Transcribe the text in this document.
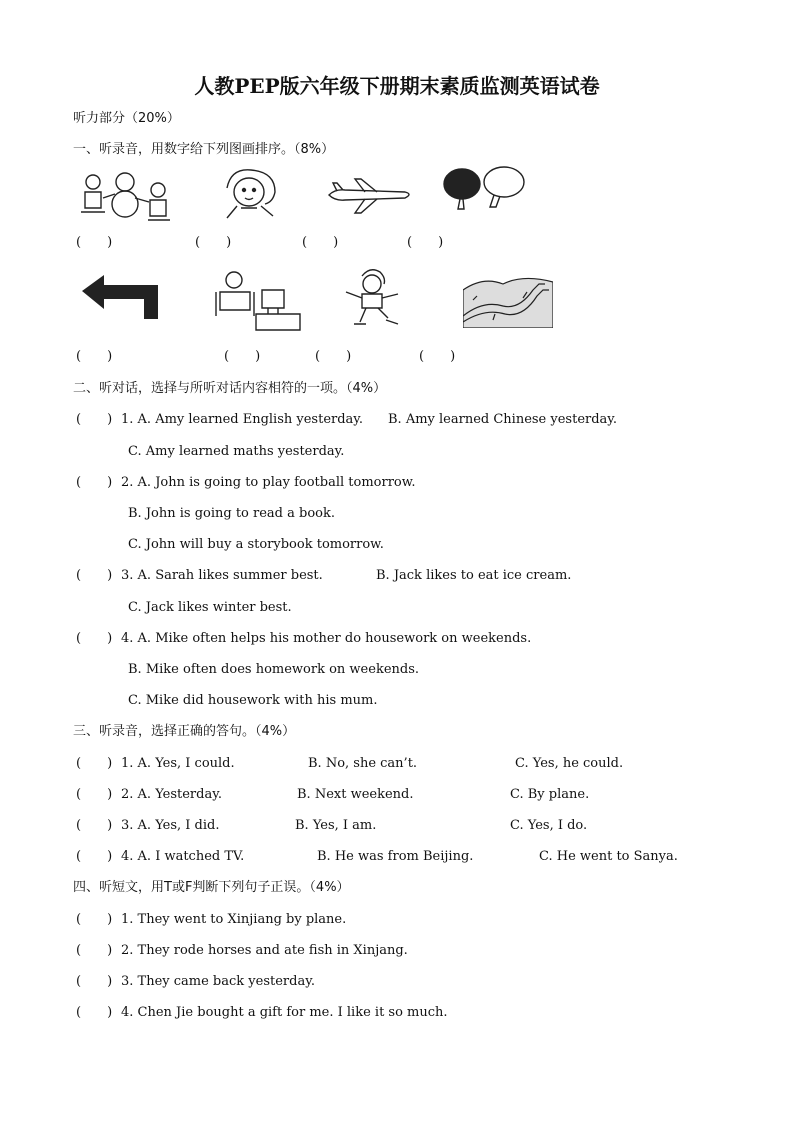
人教PEP版六年级下册期末素质监测英语试卷
听力部分（20%）
一、听录音，用数字给下列图画排序。（8%）
(　　)	(　　)	(　　)	(　　)
(　　)	(　　)	(　　)	(　　)
二、听对话，选择与所听对话内容相符的一项。（4%）
(　　) 1. A. Amy learned English yesterday. B. Amy learned Chinese yesterday.
C. Amy learned maths yesterday.
(　　) 2. A. John is going to play football tomorrow.
B. John is going to read a book.
C. John will buy a storybook tomorrow.
(　　) 3. A. Sarah likes summer best.	B. Jack likes to eat ice cream.
C. Jack likes winter best.
(　　) 4. A. Mike often helps his mother do housework on weekends.
B. Mike often does homework on weekends.
C. Mike did housework with his mum.
三、听录音，选择正确的答句。（4%）
(　　) 1. A. Yes, I could.	B. No, she can’t.	C. Yes, he could.
(　　) 2. A. Yesterday.	B. Next weekend.	C. By plane.
(　　) 3. A. Yes, I did.	B. Yes, I am.	C. Yes, I do.
(　　) 4. A. I watched TV.	B. He was from Beijing.	C. He went to Sanya.
四、听短文，用T或F判断下列句子正误。（4%）
(　　) 1. They went to Xinjiang by plane.
(　　) 2. They rode horses and ate fish in Xinjang.
(　　) 3. They came back yesterday.
(　　) 4. Chen Jie bought a gift for me. I like it so much.
